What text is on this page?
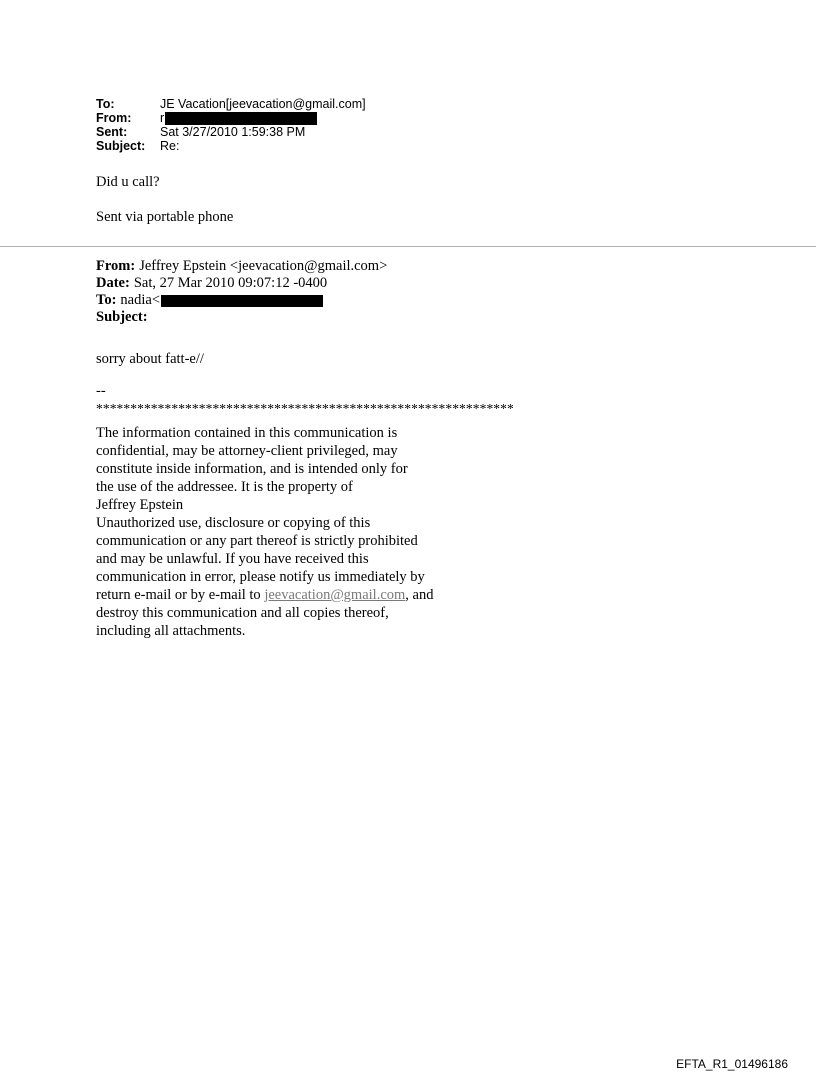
To:	JE Vacation[jeevacation@gmail.com]
From:	r
Sent:	Sat 3/27/2010 1:59:38 PM
Subject:	Re:
Did u call?
Sent via portable phone
From: Jeffrey Epstein <jeevacation@gmail.com>
Date: Sat, 27 Mar 2010 09:07:12 -0400
To: nadia<
Subject:
sorry about fatt-e//
--
*************************************************************
The information contained in this communication is
confidential, may be attorney-client privileged, may
constitute inside information, and is intended only for
the use of the addressee. It is the property of
Jeffrey Epstein
Unauthorized use, disclosure or copying of this
communication or any part thereof is strictly prohibited
and may be unlawful. If you have received this
communication in error, please notify us immediately by
return e-mail or by e-mail to jeevacation@gmail.com, and
destroy this communication and all copies thereof,
including all attachments.
EFTA_R1_01496186
